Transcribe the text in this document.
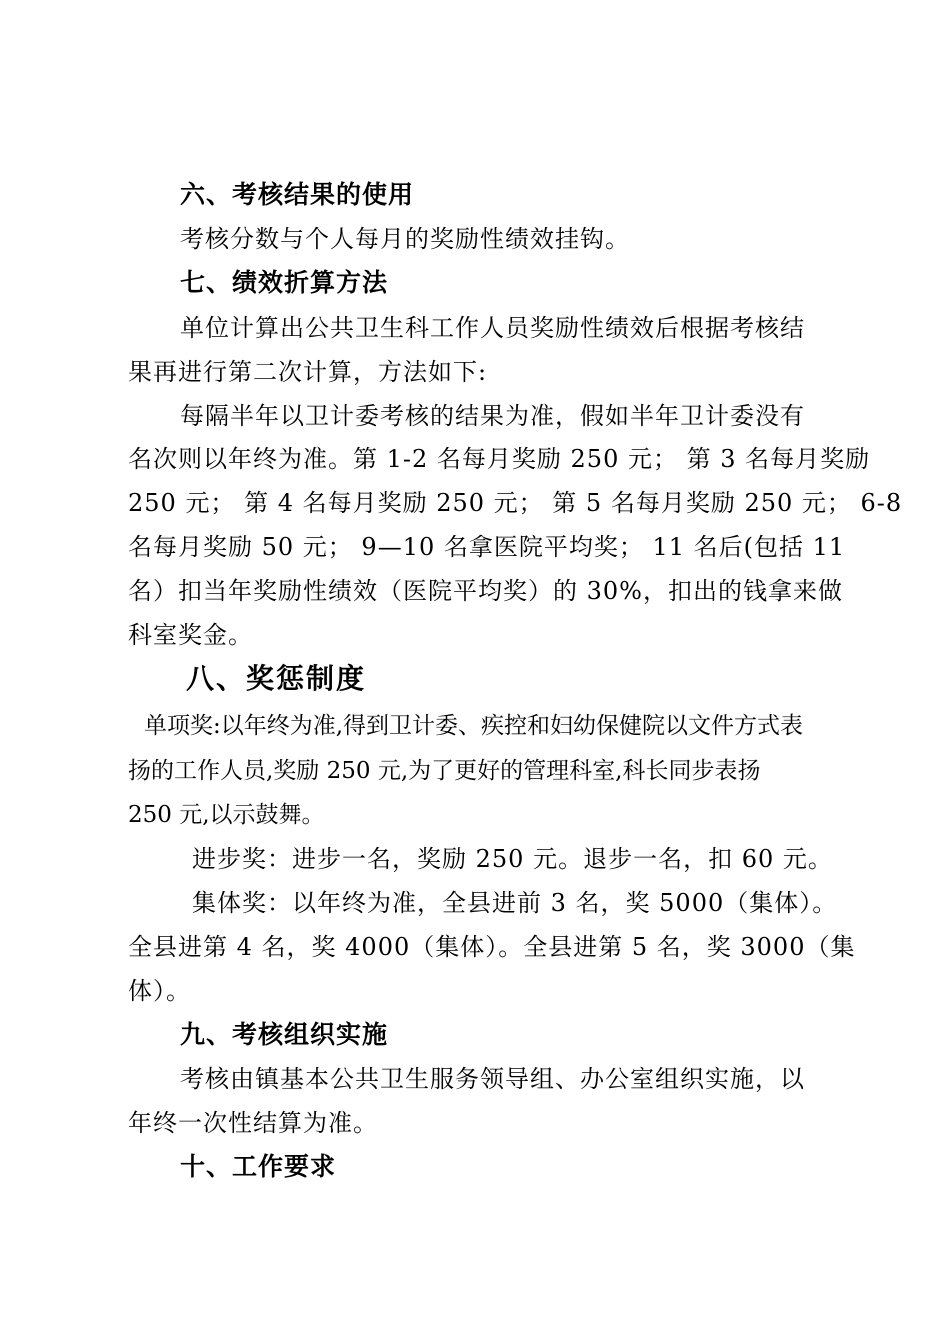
六、考核结果的使用
考核分数与个人每月的奖励性绩效挂钩。
七、绩效折算方法
单位计算出公共卫生科工作人员奖励性绩效后根据考核结
果再进行第二次计算，方法如下:
每隔半年以卫计委考核的结果为准，假如半年卫计委没有
名次则以年终为准。第 1-2 名每月奖励 250 元； 第 3 名每月奖励
250 元； 第 4 名每月奖励 250 元； 第 5 名每月奖励 250 元； 6-8
名每月奖励 50 元； 9—10 名拿医院平均奖； 11 名后(包括 11
名）扣当年奖励性绩效（医院平均奖）的 30%，扣出的钱拿来做
科室奖金。
八、奖惩制度
单项奖:以年终为准,得到卫计委、疾控和妇幼保健院以文件方式表
扬的工作人员,奖励 250 元,为了更好的管理科室,科长同步表扬
250 元,以示鼓舞。
进步奖：进步一名，奖励 250 元。退步一名，扣 60 元。
集体奖：以年终为准，全县进前 3 名，奖 5000（集体）。
全县进第 4 名，奖 4000（集体）。全县进第 5 名，奖 3000（集
体）。
九、考核组织实施
考核由镇基本公共卫生服务领导组、办公室组织实施，以
年终一次性结算为准。
十、工作要求
